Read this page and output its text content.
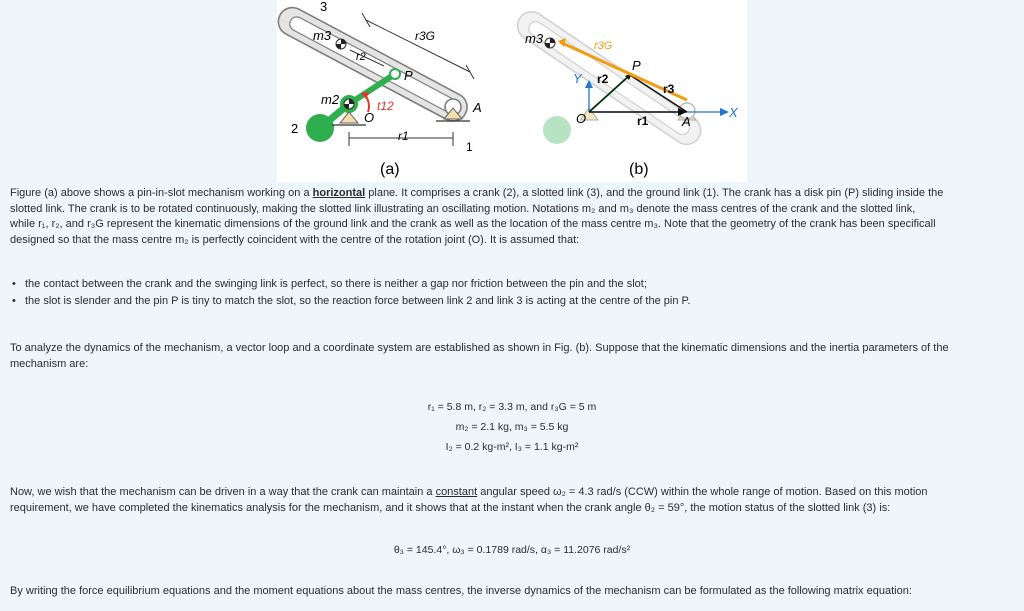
3
m3	r3G
r2
P
m2	t12
O
A
2	r1
1
(a)
m3	r3G
P
Y r2
r3
O	r1	A
X
(b)
Figure (a) above shows a pin-in-slot mechanism working on a horizontal plane. It comprises a crank (2), a slotted link (3), and the ground link (1). The crank has a disk pin (P) sliding inside the
slotted link. The crank is to be rotated continuously, making the slotted link illustrating an oscillating motion. Notations m₂ and m₃ denote the mass centres of the crank and the slotted link,
while r₁, r₂, and r₃G represent the kinematic dimensions of the ground link and the crank as well as the location of the mass centre m₃. Note that the geometry of the crank has been specificall
designed so that the mass centre m₂ is perfectly coincident with the centre of the rotation joint (O). It is assumed that:
• the contact between the crank and the swinging link is perfect, so there is neither a gap nor friction between the pin and the slot;
• the slot is slender and the pin P is tiny to match the slot, so the reaction force between link 2 and link 3 is acting at the centre of the pin P.
To analyze the dynamics of the mechanism, a vector loop and a coordinate system are established as shown in Fig. (b). Suppose that the kinematic dimensions and the inertia parameters of the
mechanism are:
r₁ = 5.8 m, r₂ = 3.3 m, and r₃G = 5 m
m₂ = 2.1 kg, m₃ = 5.5 kg
I₂ = 0.2 kg-m², I₃ = 1.1 kg-m²
Now, we wish that the mechanism can be driven in a way that the crank can maintain a constant angular speed ω₂ = 4.3 rad/s (CCW) within the whole range of motion. Based on this motion
requirement, we have completed the kinematics analysis for the mechanism, and it shows that at the instant when the crank angle θ₂ = 59°, the motion status of the slotted link (3) is:
θ₃ = 145.4°, ω₃ = 0.1789 rad/s, α₃ = 11.2076 rad/s²
By writing the force equilibrium equations and the moment equations about the mass centres, the inverse dynamics of the mechanism can be formulated as the following matrix equation:
